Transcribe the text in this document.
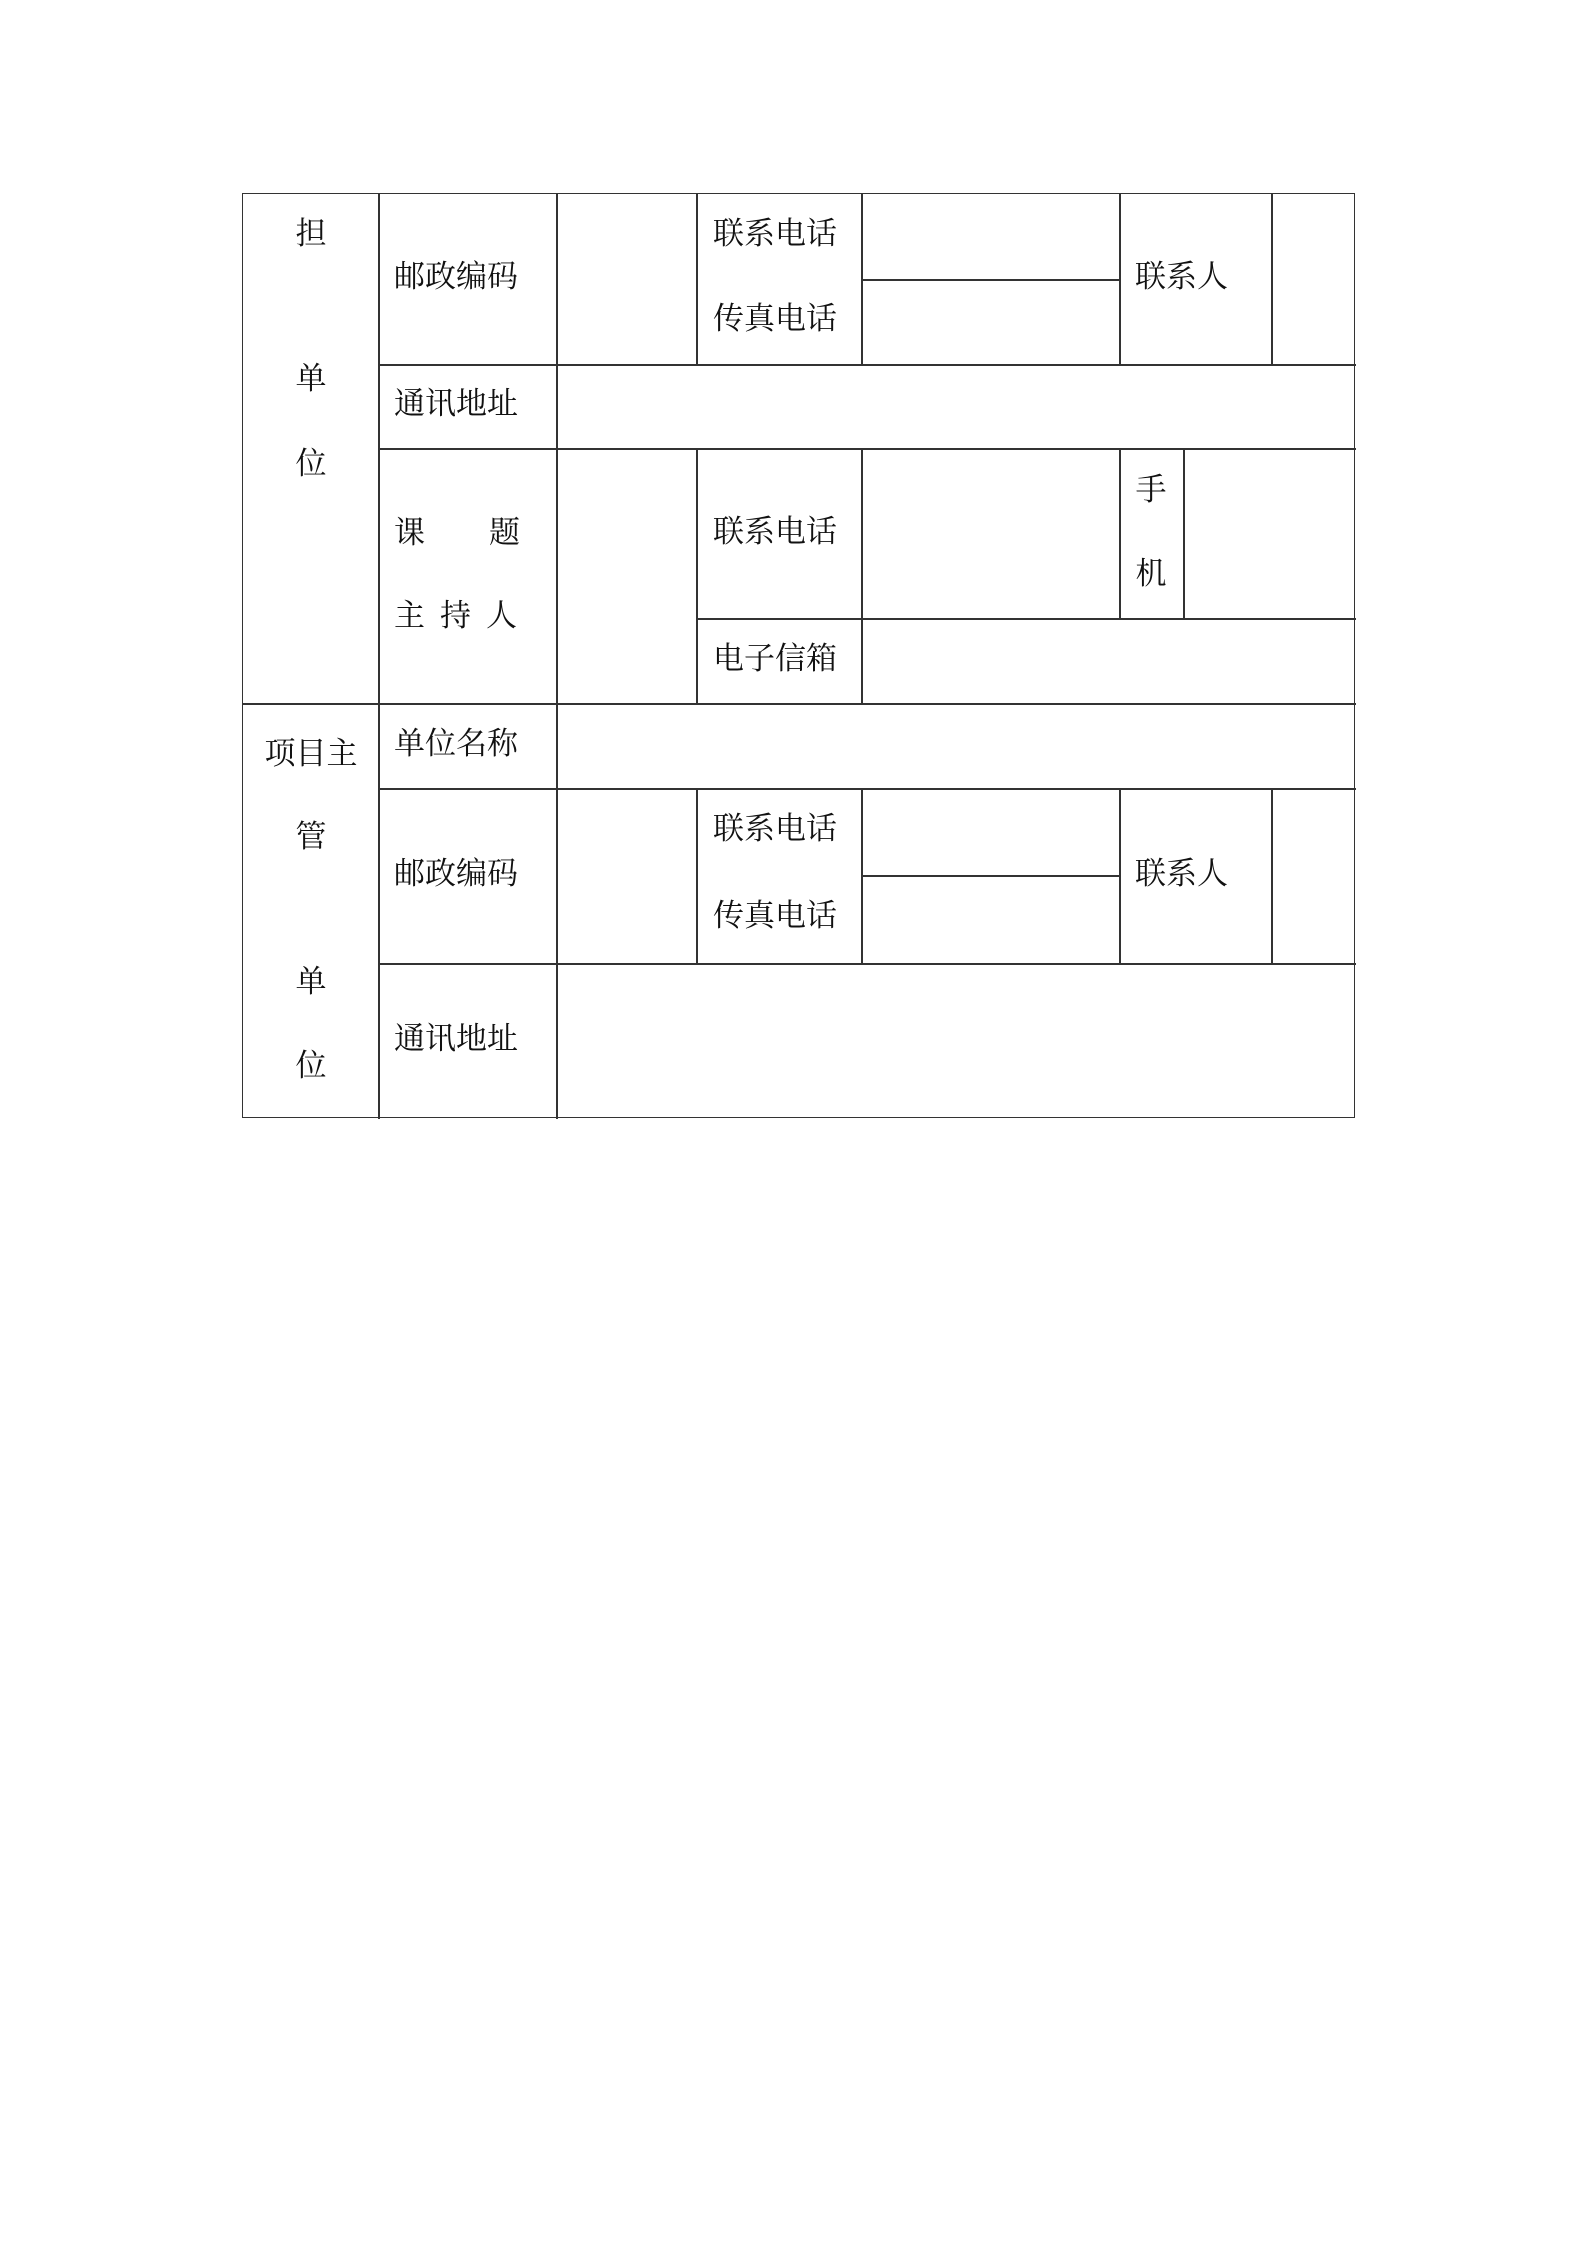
担
单
位
邮政编码
联系电话
传真电话
联系人
通讯地址
课 题
主 持 人
联系电话
手
机
电子信箱
项目主
管
单
位
单位名称
邮政编码
联系电话
传真电话
联系人
通讯地址
